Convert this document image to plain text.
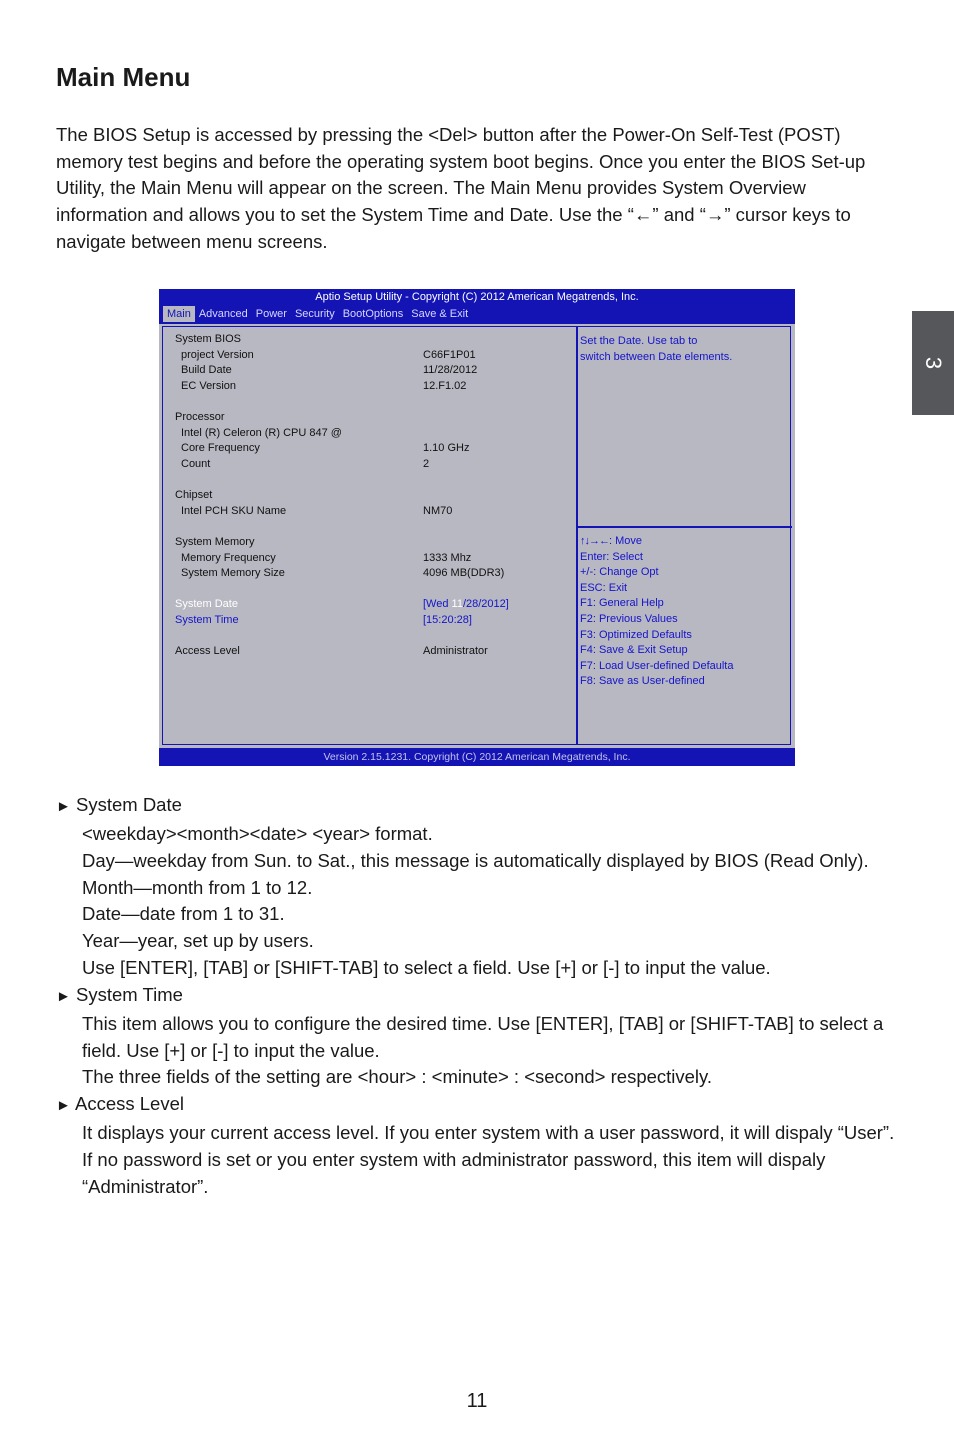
Main Menu

The BIOS Setup is accessed by pressing the <Del> button after the Power-On Self-Test (POST) memory test begins and before the operating system boot begins. Once you enter the BIOS Set-up Utility, the Main Menu will appear on the screen. The Main Menu provides System Overview information and allows you to set the System Time and Date. Use the “←” and “→” cursor keys to navigate between menu screens.

3
Aptio Setup Utility - Copyright (C) 2012 American Megatrends, Inc.
Main Advanced Power Security BootOptions Save & Exit
System BIOS
project Version	C66F1P01
Build Date	11/28/2012
EC Version	12.F1.02
Processor
Intel (R) Celeron (R) CPU 847 @
Core Frequency	1.10 GHz
Count	2
Chipset
Intel PCH SKU Name	NM70
System Memory
Memory Frequency	1333 Mhz
System Memory Size	4096 MB(DDR3)
System Date	[Wed 11/28/2012]
System Time	[15:20:28]
Access Level	Administrator
Set the Date. Use tab to
switch between Date elements.
↑↓→←: Move
Enter: Select
+/-: Change Opt
ESC: Exit
F1: General Help
F2: Previous Values
F3: Optimized Defaults
F4: Save & Exit Setup
F7: Load User-defined Defaulta
F8: Save as User-defined
Version 2.15.1231. Copyright (C) 2012 American Megatrends, Inc.

► System Date

<weekday><month><date> <year> format.

Day—weekday from Sun. to Sat., this message is automatically displayed by BIOS (Read Only).

Month—month from 1 to 12.

Date—date from 1 to 31.

Year—year, set up by users.

Use [ENTER], [TAB] or [SHIFT-TAB] to select a field. Use [+] or [-] to input the value.

► System Time

This item allows you to configure the desired time. Use [ENTER], [TAB] or [SHIFT-TAB] to select a field. Use [+] or [-] to input the value.

The three fields of the setting are <hour> : <minute> : <second> respectively.

► Access Level

It displays your current access level. If you enter system with a user password, it will dispaly “User”. If no password is set or you enter system with administrator password, this item will dispaly “Administrator”.

11
